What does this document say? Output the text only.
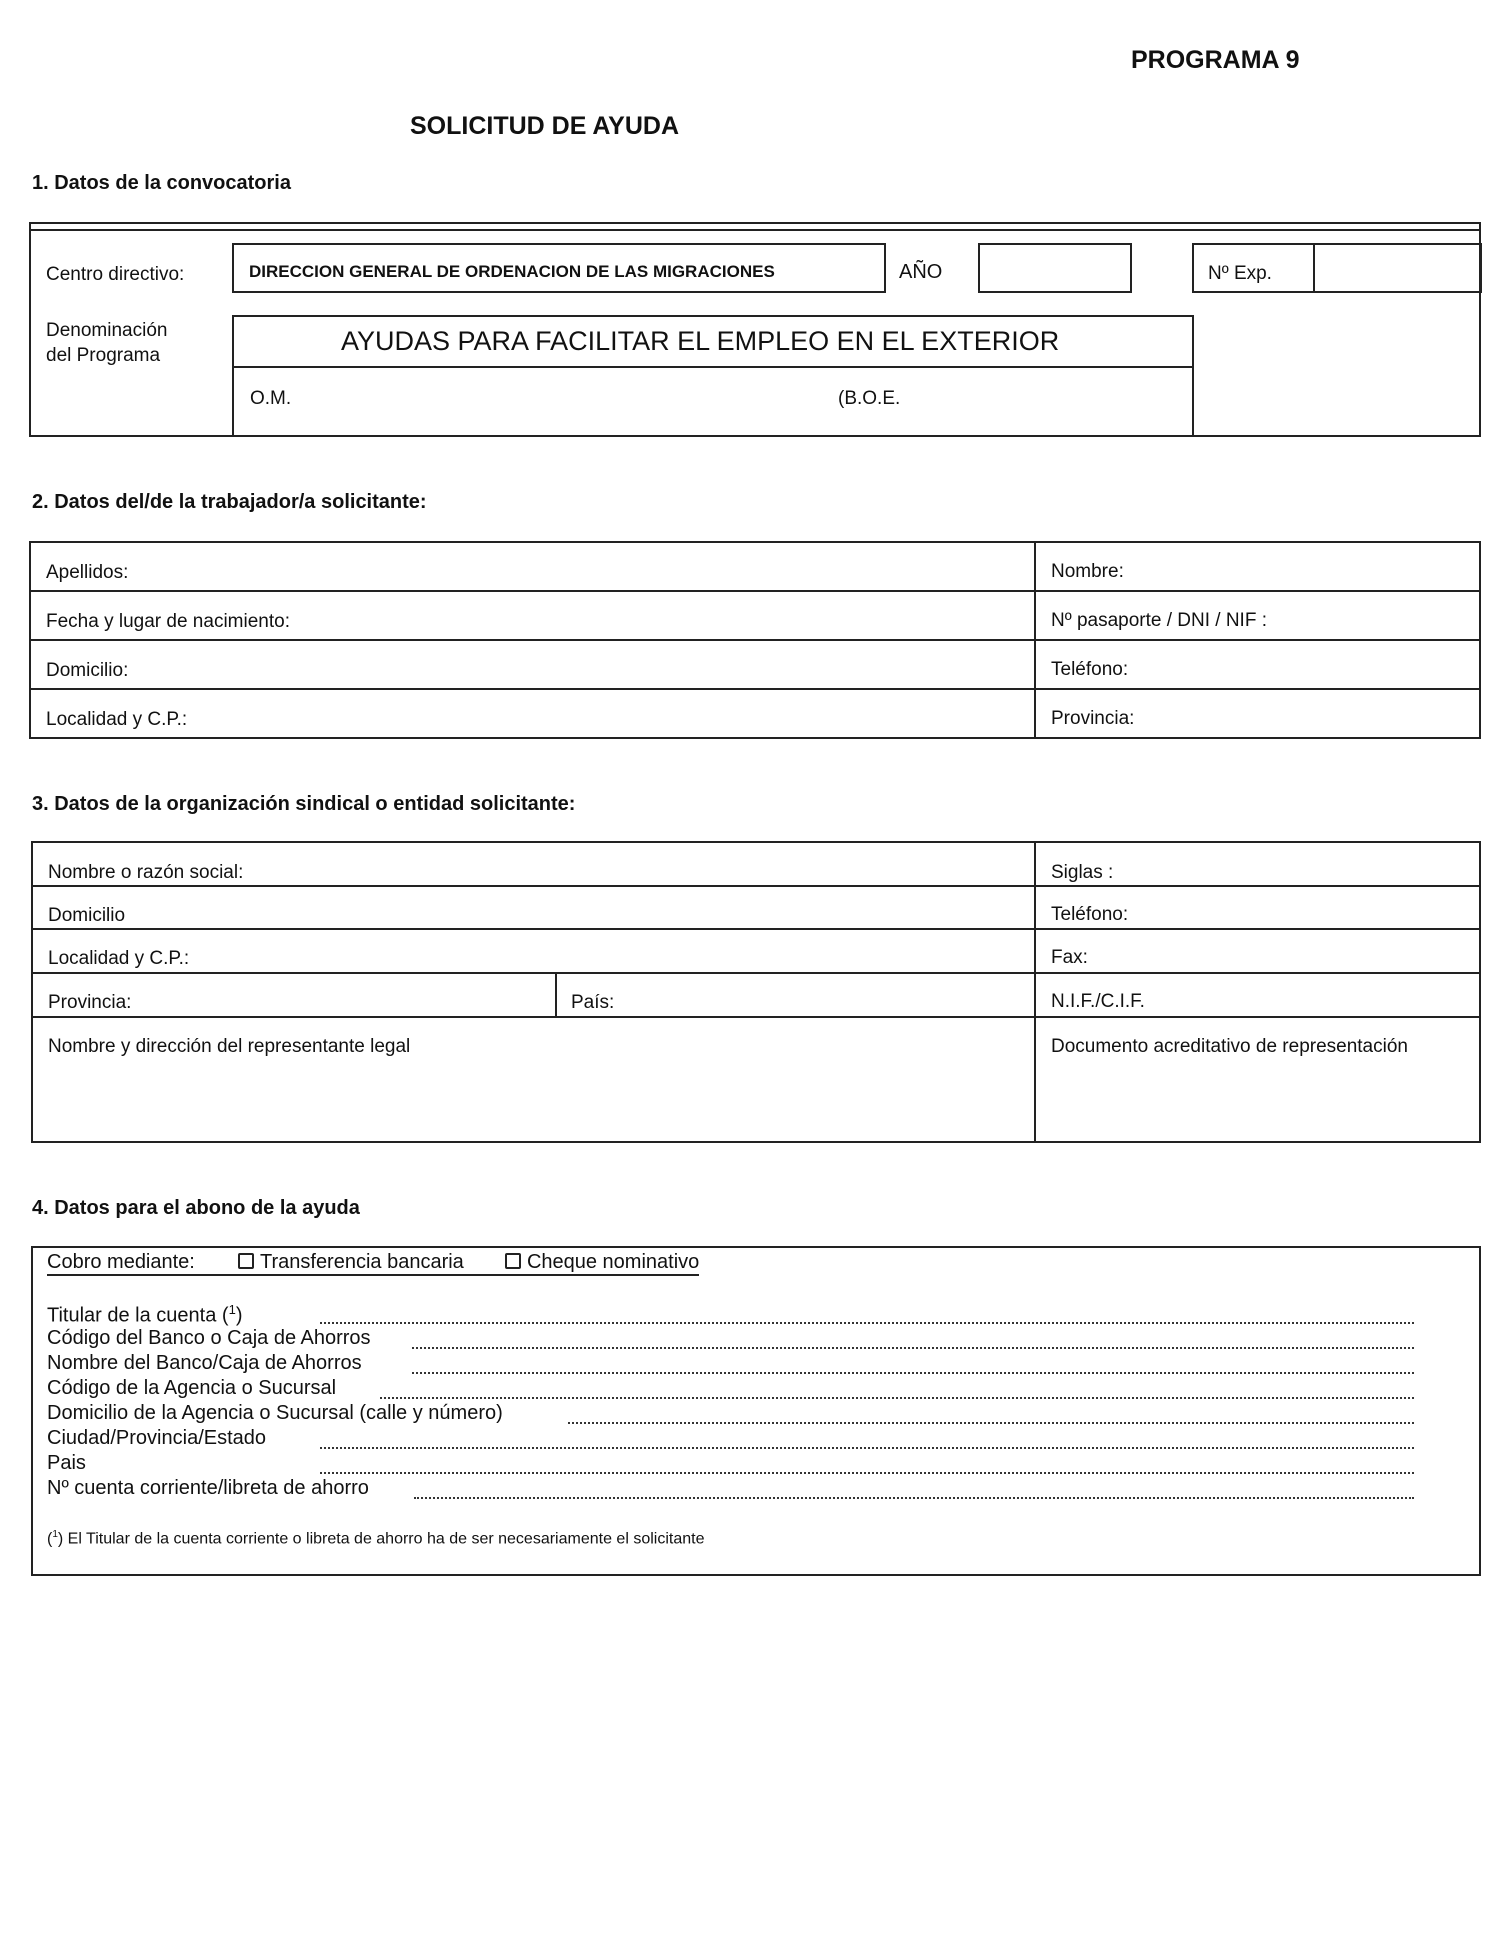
PROGRAMA 9
SOLICITUD DE AYUDA
1. Datos de la convocatoria
Centro directivo:	DIRECCION GENERAL DE ORDENACION DE LAS MIGRACIONES	AÑO	Nº Exp.
Denominación
del Programa	AYUDAS PARA FACILITAR EL EMPLEO EN EL EXTERIOR
O.M.	(B.O.E.
2. Datos del/de la trabajador/a solicitante:
Apellidos:	Nombre:
Fecha y lugar de nacimiento:	Nº pasaporte / DNI / NIF :
Domicilio:	Teléfono:
Localidad y C.P.:	Provincia:
3. Datos de la organización sindical o entidad solicitante:
Nombre o razón social:	Siglas :
Domicilio	Teléfono:
Localidad y C.P.:	Fax:
Provincia:	País:	N.I.F./C.I.F.
Nombre y dirección del representante legal	Documento acreditativo de representación
4. Datos para el abono de la ayuda
Cobro mediante:	Transferencia bancaria	Cheque nominativo
Titular de la cuenta ($^1$)
Código del Banco o Caja de Ahorros
Nombre del Banco/Caja de Ahorros
Código de la Agencia o Sucursal
Domicilio de la Agencia o Sucursal (calle y número)
Ciudad/Provincia/Estado
Pais
Nº cuenta corriente/libreta de ahorro
($^1$) El Titular de la cuenta corriente o libreta de ahorro ha de ser necesariamente el solicitante
